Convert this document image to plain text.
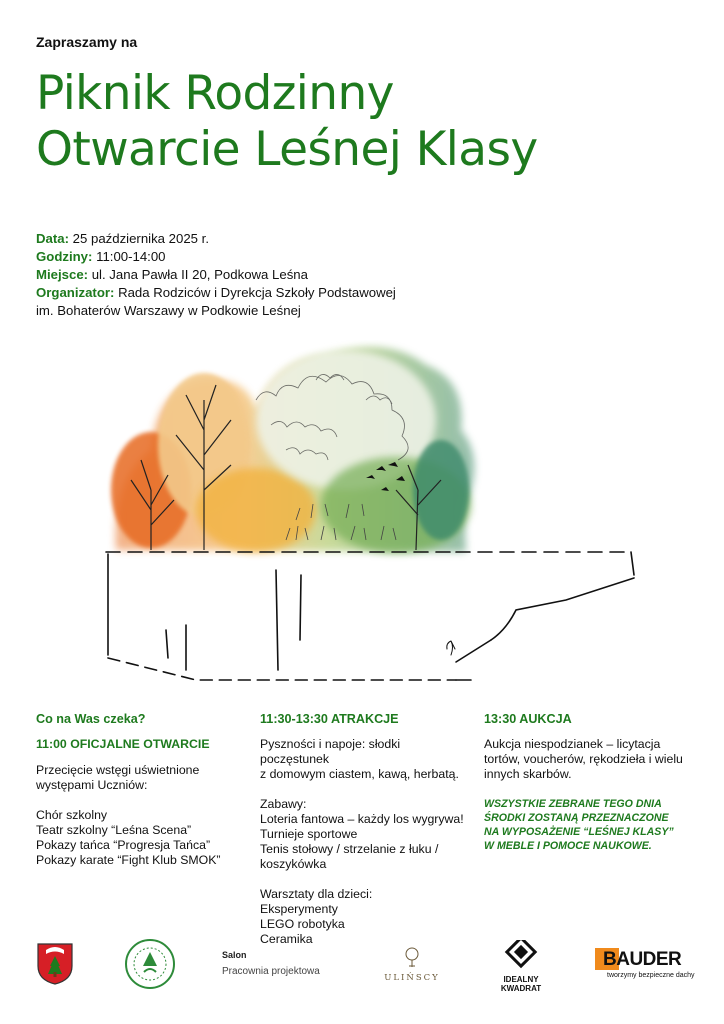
Zapraszamy na
Piknik Rodzinny
Otwarcie Leśnej Klasy
Data: 25 października 2025 r.
Godziny: 11:00-14:00
Miejsce: ul. Jana Pawła II 20, Podkowa Leśna
Organizator: Rada Rodziców i Dyrekcja Szkoły Podstawowej
im. Bohaterów Warszawy w Podkowie Leśnej
Co na Was czeka?
11:00 OFICJALNE OTWARCIE

Przecięcie wstęgi uświetnione
występami Uczniów:

Chór szkolny
Teatr szkolny “Leśna Scena”
Pokazy tańca “Progresja Tańca”
Pokazy karate “Fight Klub SMOK”
11:30-13:30 ATRAKCJE

Pyszności i napoje: słodki
poczęstunek
z domowym ciastem, kawą, herbatą.

Zabawy:
Loteria fantowa – każdy los wygrywa!
Turnieje sportowe
Tenis stołowy / strzelanie z łuku /
koszykówka

Warsztaty dla dzieci:
Eksperymenty
LEGO robotyka
Ceramika

13:30 AUKCJA

Aukcja niespodzianek – licytacja
tortów, voucherów, rękodzieła i wielu
innych skarbów.

WSZYSTKIE ZEBRANE TEGO DNIA
ŚRODKI ZOSTANĄ PRZEZNACZONE
NA WYPOSAŻENIE “LEŚNEJ KLASY”
W MEBLE I POMOCE NAUKOWE.

Salon
Pracownia projektowa
ULIŃSCY	IDEALNY
KWADRAT
BAUDER
tworzymy bezpieczne dachy
